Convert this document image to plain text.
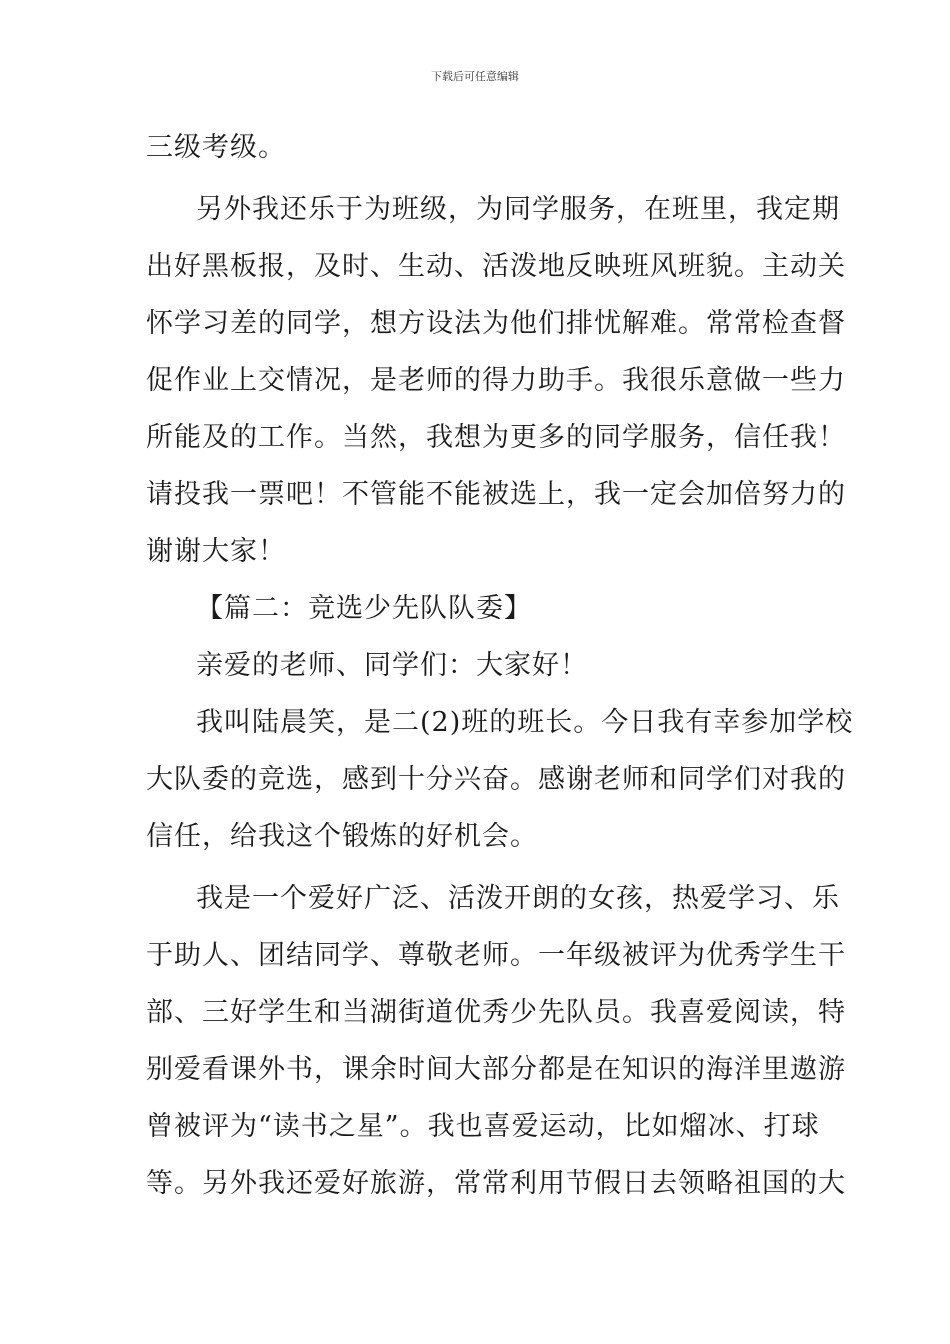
下载后可任意编辑
三级考级。
另外我还乐于为班级，为同学服务，在班里，我定期
出好黑板报，及时、生动、活泼地反映班风班貌。主动关
怀学习差的同学，想方设法为他们排忧解难。常常检查督
促作业上交情况，是老师的得力助手。我很乐意做一些力
所能及的工作。当然，我想为更多的同学服务，信任我！
请投我一票吧！不管能不能被选上，我一定会加倍努力的
谢谢大家！
【篇二：竞选少先队队委】
亲爱的老师、同学们：大家好！
我叫陆晨笑，是二(2)班的班长。今日我有幸参加学校
大队委的竞选，感到十分兴奋。感谢老师和同学们对我的
信任，给我这个锻炼的好机会。
我是一个爱好广泛、活泼开朗的女孩，热爱学习、乐
于助人、团结同学、尊敬老师。一年级被评为优秀学生干
部、三好学生和当湖街道优秀少先队员。我喜爱阅读，特
别爱看课外书，课余时间大部分都是在知识的海洋里遨游
曾被评为“读书之星”。我也喜爱运动，比如熘冰、打球
等。另外我还爱好旅游，常常利用节假日去领略祖国的大
